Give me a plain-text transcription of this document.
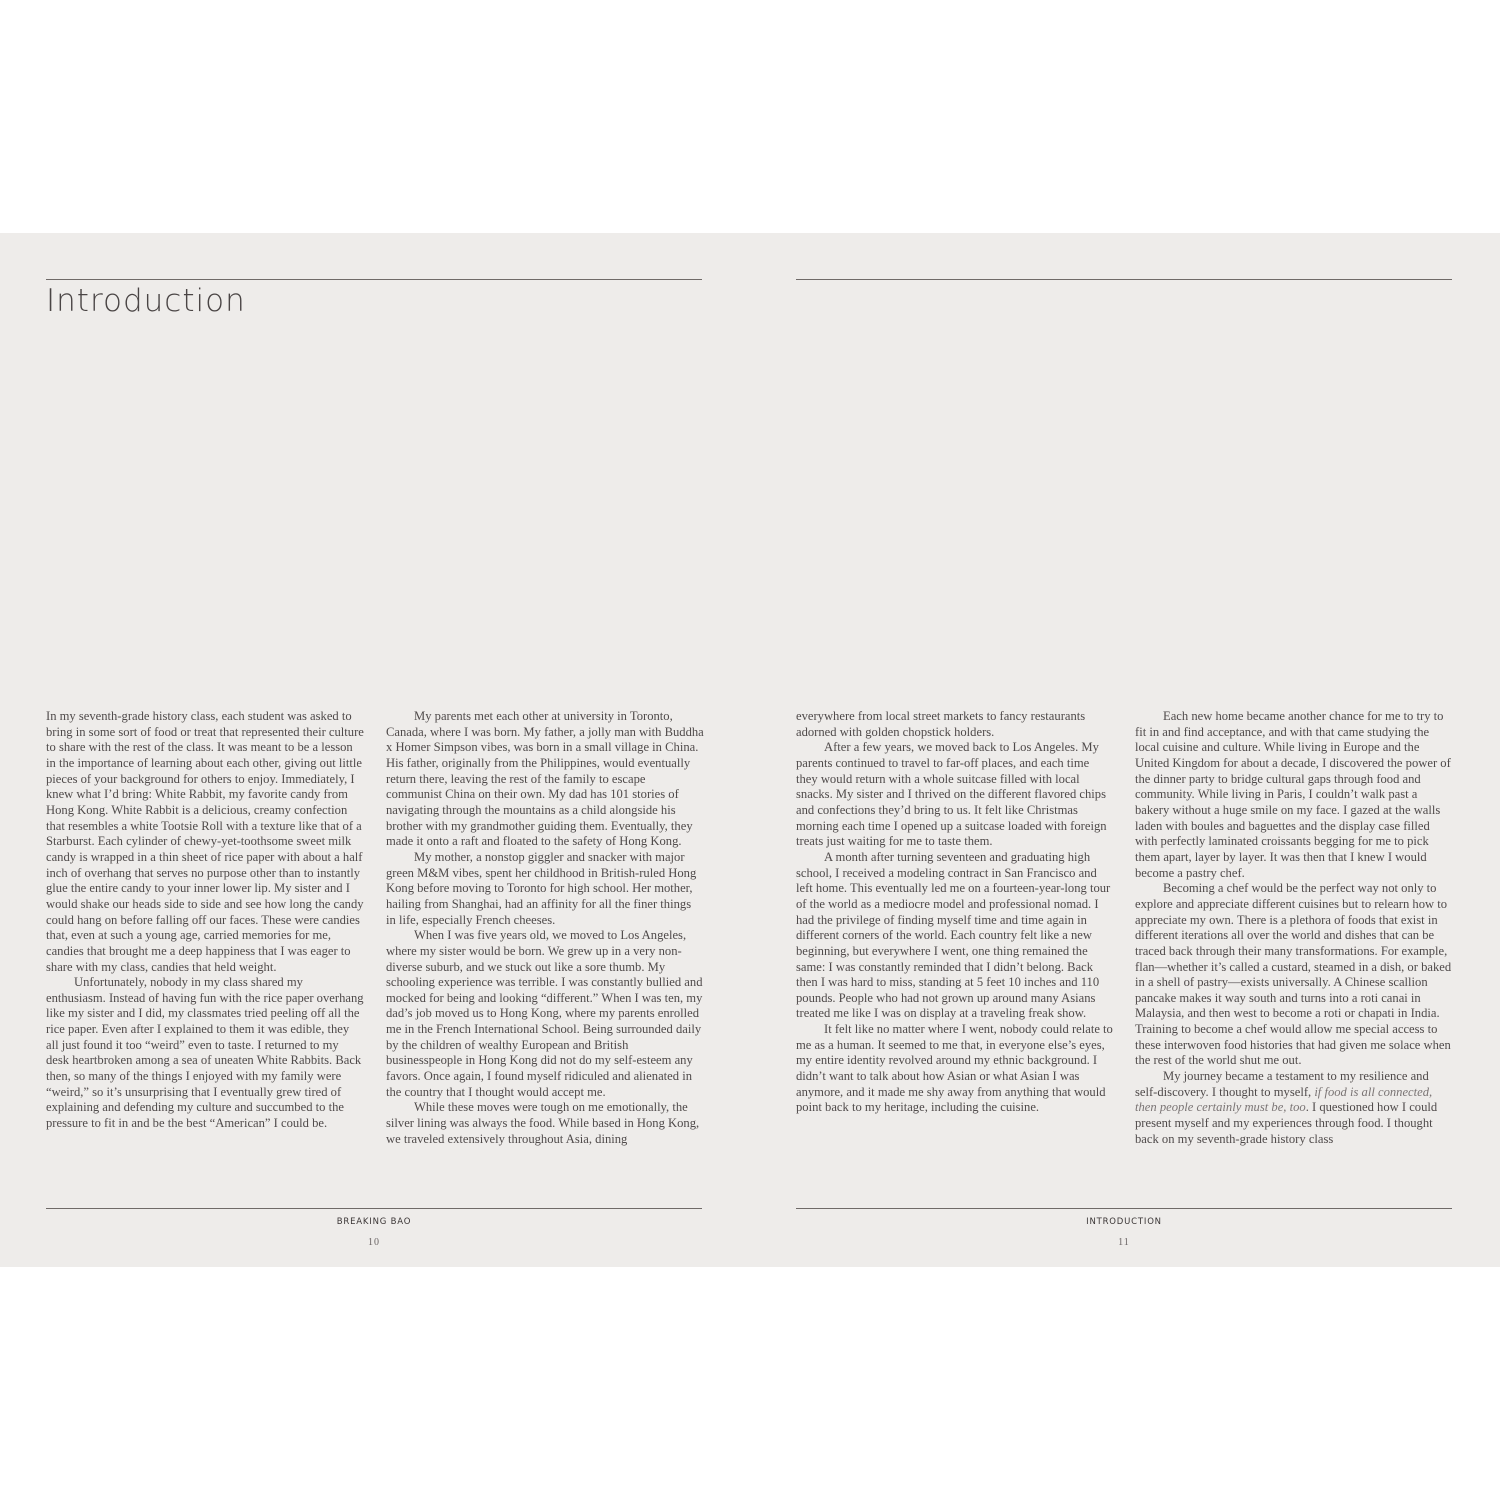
Introduction

In my seventh-grade history class, each student was asked to bring in some sort of food or treat that represented their culture to share with the rest of the class. It was meant to be a lesson in the importance of learning about each other, giving out little pieces of your background for others to enjoy. Immediately, I knew what I’d bring: White Rabbit, my favorite candy from Hong Kong. White Rabbit is a delicious, creamy confection that resembles a white Tootsie Roll with a texture like that of a Starburst. Each cylinder of chewy-yet-toothsome sweet milk candy is wrapped in a thin sheet of rice paper with about a half inch of overhang that serves no purpose other than to instantly glue the entire candy to your inner lower lip. My sister and I would shake our heads side to side and see how long the candy could hang on before falling off our faces. These were candies that, even at such a young age, carried memories for me, candies that brought me a deep happiness that I was eager to share with my class, candies that held weight.

Unfortunately, nobody in my class shared my enthusiasm. Instead of having fun with the rice paper overhang like my sister and I did, my classmates tried peeling off all the rice paper. Even after I explained to them it was edible, they all just found it too “weird” even to taste. I returned to my desk heartbroken among a sea of uneaten White Rabbits. Back then, so many of the things I enjoyed with my family were “weird,” so it’s unsurprising that I eventually grew tired of explaining and defending my culture and succumbed to the pressure to fit in and be the best “American” I could be.

My parents met each other at university in Toronto, Canada, where I was born. My father, a jolly man with Buddha x Homer Simpson vibes, was born in a small village in China. His father, originally from the Philippines, would eventually return there, leaving the rest of the family to escape communist China on their own. My dad has 101 stories of navigating through the mountains as a child alongside his brother with my grandmother guiding them. Eventually, they made it onto a raft and floated to the safety of Hong Kong.

My mother, a nonstop giggler and snacker with major green M&M vibes, spent her childhood in British-ruled Hong Kong before moving to Toronto for high school. Her mother, hailing from Shanghai, had an affinity for all the finer things in life, especially French cheeses.

When I was five years old, we moved to Los Angeles, where my sister would be born. We grew up in a very non-diverse suburb, and we stuck out like a sore thumb. My schooling experience was terrible. I was constantly bullied and mocked for being and looking “different.” When I was ten, my dad’s job moved us to Hong Kong, where my parents enrolled me in the French International School. Being surrounded daily by the children of wealthy European and British businesspeople in Hong Kong did not do my self-esteem any favors. Once again, I found myself ridiculed and alienated in the country that I thought would accept me.

While these moves were tough on me emotionally, the silver lining was always the food. While based in Hong Kong, we traveled extensively throughout Asia, dining

BREAKING BAO
10

everywhere from local street markets to fancy restaurants adorned with golden chopstick holders.

After a few years, we moved back to Los Angeles. My parents continued to travel to far-off places, and each time they would return with a whole suitcase filled with local snacks. My sister and I thrived on the different flavored chips and confections they’d bring to us. It felt like Christmas morning each time I opened up a suitcase loaded with foreign treats just waiting for me to taste them.

A month after turning seventeen and graduating high school, I received a modeling contract in San Francisco and left home. This eventually led me on a fourteen-year-long tour of the world as a mediocre model and professional nomad. I had the privilege of finding myself time and time again in different corners of the world. Each country felt like a new beginning, but everywhere I went, one thing remained the same: I was constantly reminded that I didn’t belong. Back then I was hard to miss, standing at 5 feet 10 inches and 110 pounds. People who had not grown up around many Asians treated me like I was on display at a traveling freak show.

It felt like no matter where I went, nobody could relate to me as a human. It seemed to me that, in everyone else’s eyes, my entire identity revolved around my ethnic background. I didn’t want to talk about how Asian or what Asian I was anymore, and it made me shy away from anything that would point back to my heritage, including the cuisine.

Each new home became another chance for me to try to fit in and find acceptance, and with that came studying the local cuisine and culture. While living in Europe and the United Kingdom for about a decade, I discovered the power of the dinner party to bridge cultural gaps through food and community. While living in Paris, I couldn’t walk past a bakery without a huge smile on my face. I gazed at the walls laden with boules and baguettes and the display case filled with perfectly laminated croissants begging for me to pick them apart, layer by layer. It was then that I knew I would become a pastry chef.

Becoming a chef would be the perfect way not only to explore and appreciate different cuisines but to relearn how to appreciate my own. There is a plethora of foods that exist in different iterations all over the world and dishes that can be traced back through their many transformations. For example, flan—whether it’s called a custard, steamed in a dish, or baked in a shell of pastry—exists universally. A Chinese scallion pancake makes it way south and turns into a roti canai in Malaysia, and then west to become a roti or chapati in India. Training to become a chef would allow me special access to these interwoven food histories that had given me solace when the rest of the world shut me out.

My journey became a testament to my resilience and self-discovery. I thought to myself, if food is all connected, then people certainly must be, too. I questioned how I could present myself and my experiences through food. I thought back on my seventh-grade history class

INTRODUCTION
11
